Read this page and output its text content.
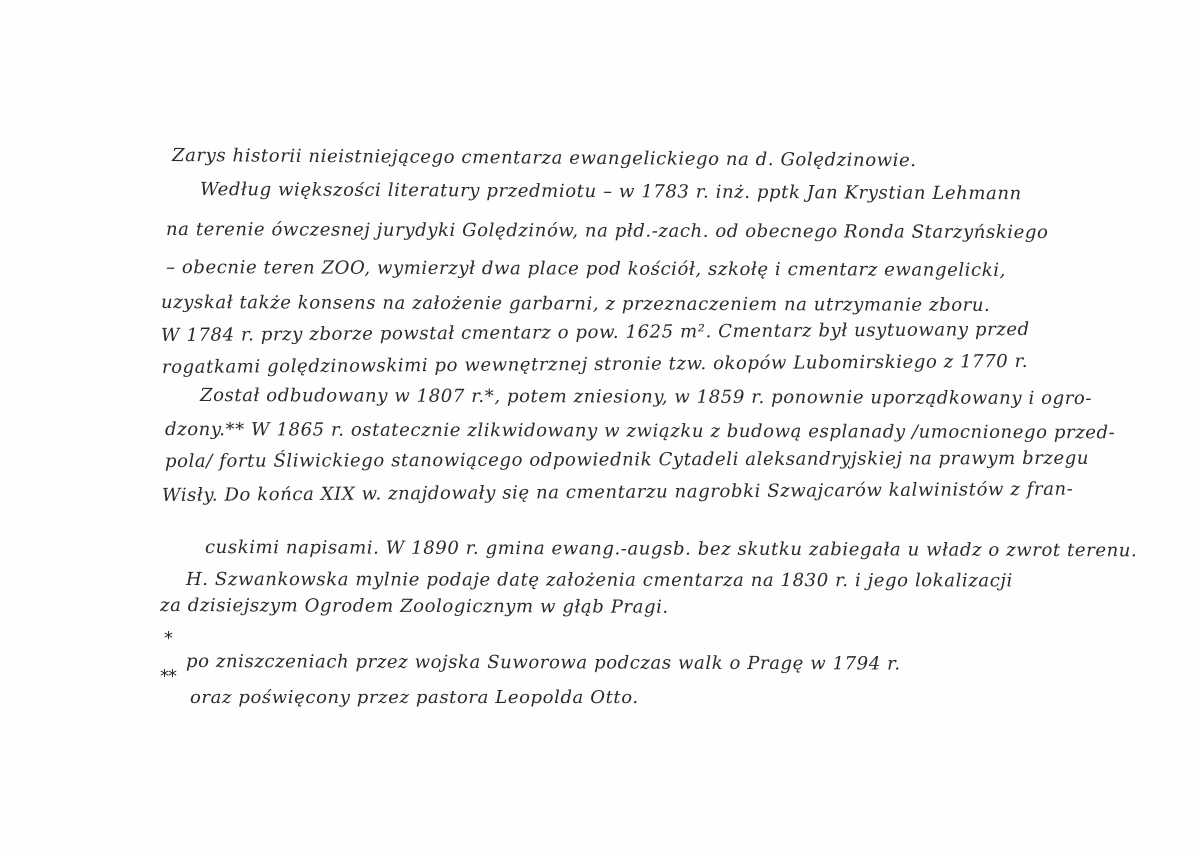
Zarys historii nieistniejącego cmentarza ewangelickiego na d. Golędzinowie.

Według większości literatury przedmiotu – w 1783 r. inż. pptk Jan Krystian Lehmann

na terenie ówczesnej jurydyki Golędzinów, na płd.-zach. od obecnego Ronda Starzyńskiego

– obecnie teren ZOO, wymierzył dwa place pod kościół, szkołę i cmentarz ewangelicki,

uzyskał także konsens na założenie garbarni, z przeznaczeniem na utrzymanie zboru.

W 1784 r. przy zborze powstał cmentarz o pow. 1625 m². Cmentarz był usytuowany przed

rogatkami golędzinowskimi po wewnętrznej stronie tzw. okopów Lubomirskiego z 1770 r.

Został odbudowany w 1807 r.*, potem zniesiony, w 1859 r. ponownie uporządkowany i ogro-

dzony.** W 1865 r. ostatecznie zlikwidowany w związku z budową esplanady /umocnionego przed-

pola/ fortu Śliwickiego stanowiącego odpowiednik Cytadeli aleksandryjskiej na prawym brzegu

Wisły. Do końca XIX w. znajdowały się na cmentarzu nagrobki Szwajcarów kalwinistów z fran-

cuskimi napisami. W 1890 r. gmina ewang.-augsb. bez skutku zabiegała u władz o zwrot terenu.

H. Szwankowska mylnie podaje datę założenia cmentarza na 1830 r. i jego lokalizacji

za dzisiejszym Ogrodem Zoologicznym w głąb Pragi.

*

po zniszczeniach przez wojska Suworowa podczas walk o Pragę w 1794 r.

**

oraz poświęcony przez pastora Leopolda Otto.
